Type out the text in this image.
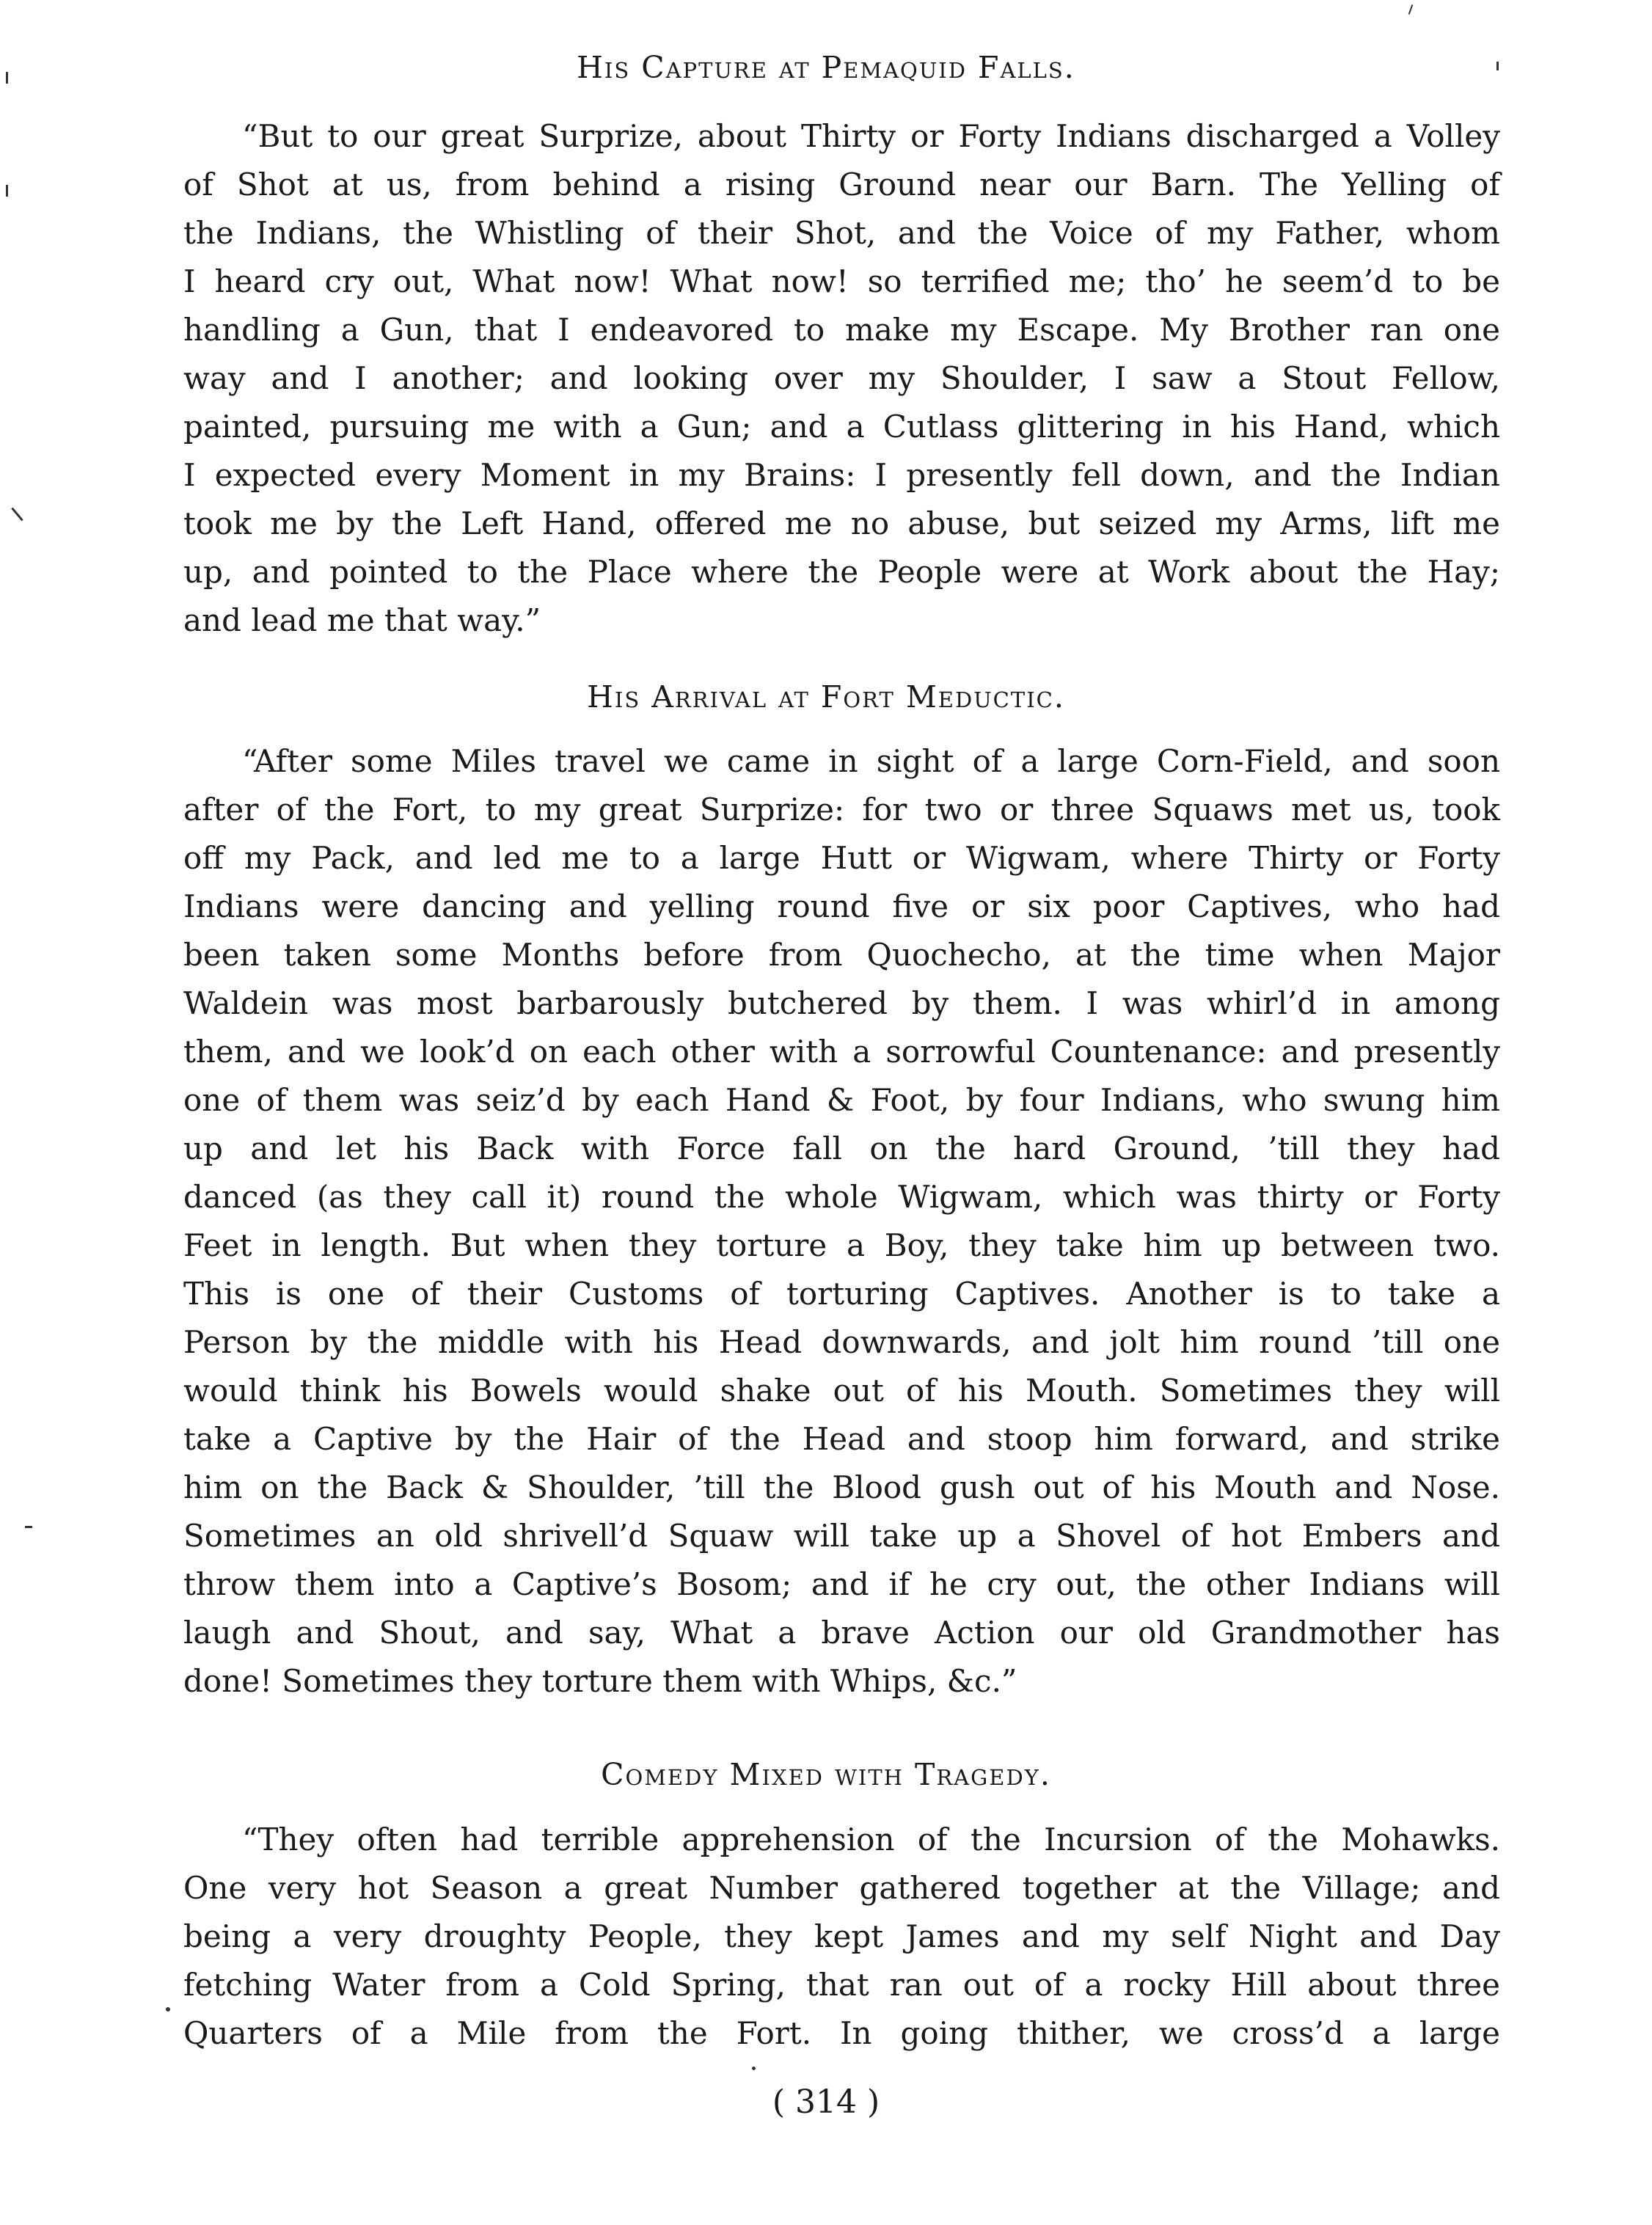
His Capture at Pemaquid Falls.
“But to our great Surprize, about Thirty or Forty Indians discharged a Volley
of Shot at us, from behind a rising Ground near our Barn. The Yelling of
the Indians, the Whistling of their Shot, and the Voice of my Father, whom
I heard cry out, What now! What now! so terrified me; tho’ he seem’d to be
handling a Gun, that I endeavored to make my Escape. My Brother ran one
way and I another; and looking over my Shoulder, I saw a Stout Fellow,
painted, pursuing me with a Gun; and a Cutlass glittering in his Hand, which
I expected every Moment in my Brains: I presently fell down, and the Indian
took me by the Left Hand, offered me no abuse, but seized my Arms, lift me
up, and pointed to the Place where the People were at Work about the Hay;
and lead me that way.”
His Arrival at Fort Meductic.
“After some Miles travel we came in sight of a large Corn-Field, and soon
after of the Fort, to my great Surprize: for two or three Squaws met us, took
off my Pack, and led me to a large Hutt or Wigwam, where Thirty or Forty
Indians were dancing and yelling round five or six poor Captives, who had
been taken some Months before from Quochecho, at the time when Major
Waldein was most barbarously butchered by them. I was whirl’d in among
them, and we look’d on each other with a sorrowful Countenance: and presently
one of them was seiz’d by each Hand & Foot, by four Indians, who swung him
up and let his Back with Force fall on the hard Ground, ’till they had
danced (as they call it) round the whole Wigwam, which was thirty or Forty
Feet in length. But when they torture a Boy, they take him up between two.
This is one of their Customs of torturing Captives. Another is to take a
Person by the middle with his Head downwards, and jolt him round ’till one
would think his Bowels would shake out of his Mouth. Sometimes they will
take a Captive by the Hair of the Head and stoop him forward, and strike
him on the Back & Shoulder, ’till the Blood gush out of his Mouth and Nose.
Sometimes an old shrivell’d Squaw will take up a Shovel of hot Embers and
throw them into a Captive’s Bosom; and if he cry out, the other Indians will
laugh and Shout, and say, What a brave Action our old Grandmother has
done! Sometimes they torture them with Whips, &c.”
Comedy Mixed with Tragedy.
“They often had terrible apprehension of the Incursion of the Mohawks.
One very hot Season a great Number gathered together at the Village; and
being a very droughty People, they kept James and my self Night and Day
fetching Water from a Cold Spring, that ran out of a rocky Hill about three
Quarters of a Mile from the Fort. In going thither, we cross’d a large
( 314 )
